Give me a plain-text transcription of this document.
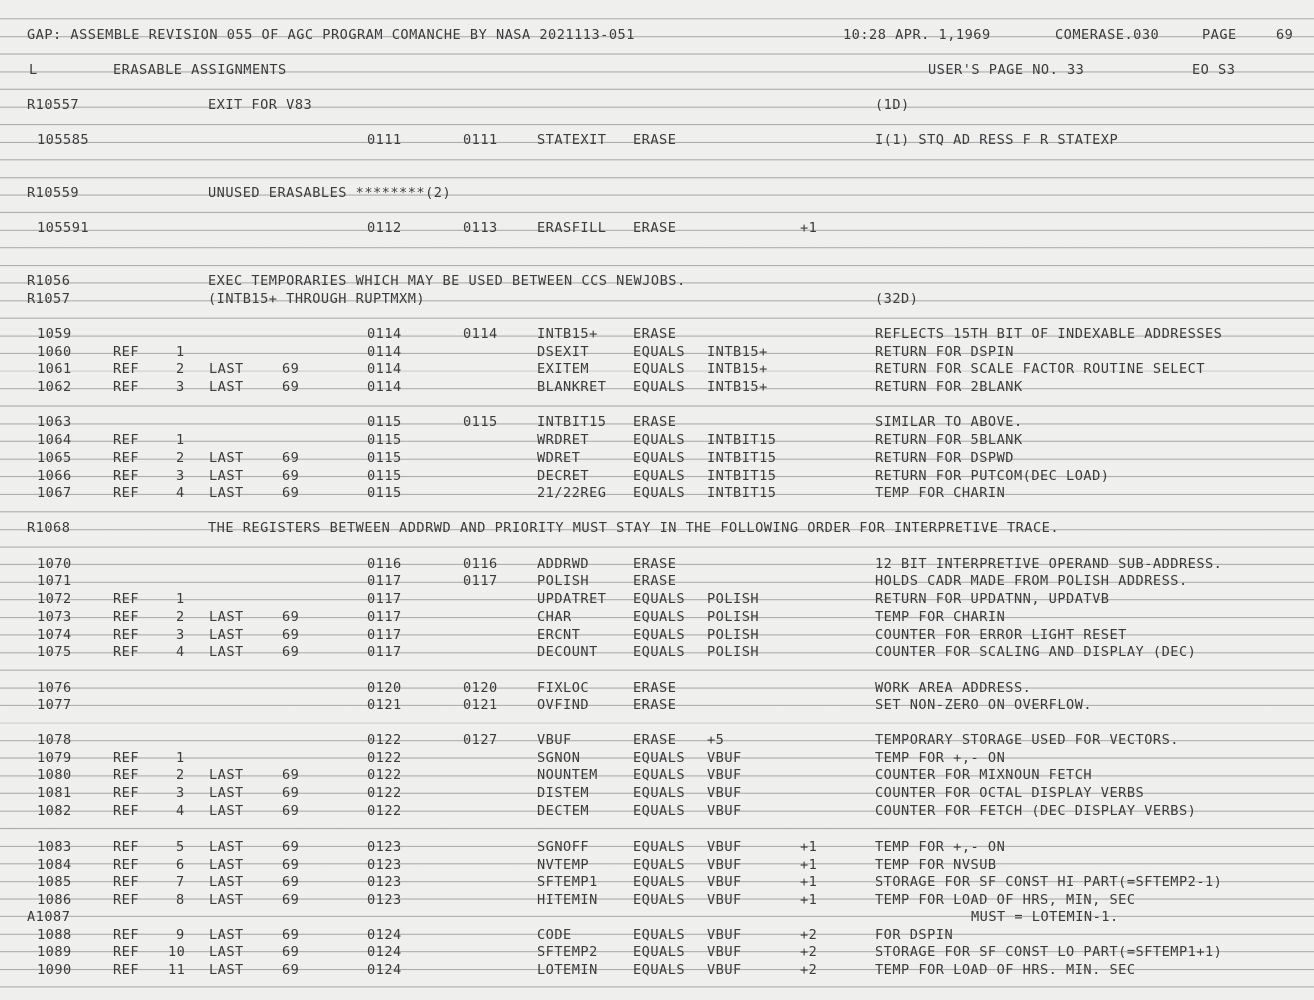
GAP: ASSEMBLE REVISION 055 OF AGC PROGRAM COMANCHE BY NASA 2021113-051	10:28 APR. 1,1969	COMERASE.030	PAGE	69
L	ERASABLE ASSIGNMENTS	USER'S PAGE NO. 33	EO S3
R10557	EXIT FOR V83	(1D)
105585	0111	0111	STATEXIT ERASE	I(1) STQ AD RESS F R STATEXP
R10559	UNUSED ERASABLES ********(2)
105591	0112	0113	ERASFILL ERASE	+1
R1056	EXEC TEMPORARIES WHICH MAY BE USED BETWEEN CCS NEWJOBS.
R1057	(INTB15+ THROUGH RUPTMXM)	(32D)
1059	0114	0114	INTB15+	ERASE	REFLECTS 15TH BIT OF INDEXABLE ADDRESSES
1060	REF	1	0114	DSEXIT	EQUALS INTB15+	RETURN FOR DSPIN
1061	REF	2 LAST	69	0114	EXITEM	EQUALS INTB15+	RETURN FOR SCALE FACTOR ROUTINE SELECT
1062	REF	3 LAST	69	0114	BLANKRET EQUALS INTB15+	RETURN FOR 2BLANK
1063	0115	0115	INTBIT15 ERASE	SIMILAR TO ABOVE.
1064	REF	1	0115	WRDRET	EQUALS INTBIT15	RETURN FOR 5BLANK
1065	REF	2 LAST	69	0115	WDRET	EQUALS INTBIT15	RETURN FOR DSPWD
1066	REF	3 LAST	69	0115	DECRET	EQUALS INTBIT15	RETURN FOR PUTCOM(DEC LOAD)
1067	REF	4 LAST	69	0115	21/22REG EQUALS INTBIT15	TEMP FOR CHARIN
R1068	THE REGISTERS BETWEEN ADDRWD AND PRIORITY MUST STAY IN THE FOLLOWING ORDER FOR INTERPRETIVE TRACE.
1070	0116	0116	ADDRWD	ERASE	12 BIT INTERPRETIVE OPERAND SUB-ADDRESS.
1071	0117	0117	POLISH	ERASE	HOLDS CADR MADE FROM POLISH ADDRESS.
1072	REF	1	0117	UPDATRET EQUALS POLISH	RETURN FOR UPDATNN, UPDATVB
1073	REF	2 LAST	69	0117	CHAR	EQUALS POLISH	TEMP FOR CHARIN
1074	REF	3 LAST	69	0117	ERCNT	EQUALS POLISH	COUNTER FOR ERROR LIGHT RESET
1075	REF	4 LAST	69	0117	DECOUNT	EQUALS POLISH	COUNTER FOR SCALING AND DISPLAY (DEC)
1076	0120	0120	FIXLOC	ERASE	WORK AREA ADDRESS.
1077	0121	0121	OVFIND	ERASE	SET NON-ZERO ON OVERFLOW.
1078	0122	0127	VBUF	ERASE +5	TEMPORARY STORAGE USED FOR VECTORS.
1079	REF	1	0122	SGNON	EQUALS VBUF	TEMP FOR +,- ON
1080	REF	2 LAST	69	0122	NOUNTEM	EQUALS VBUF	COUNTER FOR MIXNOUN FETCH
1081	REF	3 LAST	69	0122	DISTEM	EQUALS VBUF	COUNTER FOR OCTAL DISPLAY VERBS
1082	REF	4 LAST	69	0122	DECTEM	EQUALS VBUF	COUNTER FOR FETCH (DEC DISPLAY VERBS)
1083	REF	5 LAST	69	0123	SGNOFF	EQUALS VBUF	+1	TEMP FOR +,- ON
1084	REF	6 LAST	69	0123	NVTEMP	EQUALS VBUF	+1	TEMP FOR NVSUB
1085	REF	7 LAST	69	0123	SFTEMP1	EQUALS VBUF	+1	STORAGE FOR SF CONST HI PART(=SFTEMP2-1)
1086	REF	8 LAST	69	0123	HITEMIN	EQUALS VBUF	+1	TEMP FOR LOAD OF HRS, MIN, SEC
A1087	MUST = LOTEMIN-1.
1088	REF	9 LAST	69	0124	CODE	EQUALS VBUF	+2	FOR DSPIN
1089	REF 10 LAST	69	0124	SFTEMP2	EQUALS VBUF	+2	STORAGE FOR SF CONST LO PART(=SFTEMP1+1)
1090	REF 11 LAST	69	0124	LOTEMIN	EQUALS VBUF	+2	TEMP FOR LOAD OF HRS. MIN. SEC
